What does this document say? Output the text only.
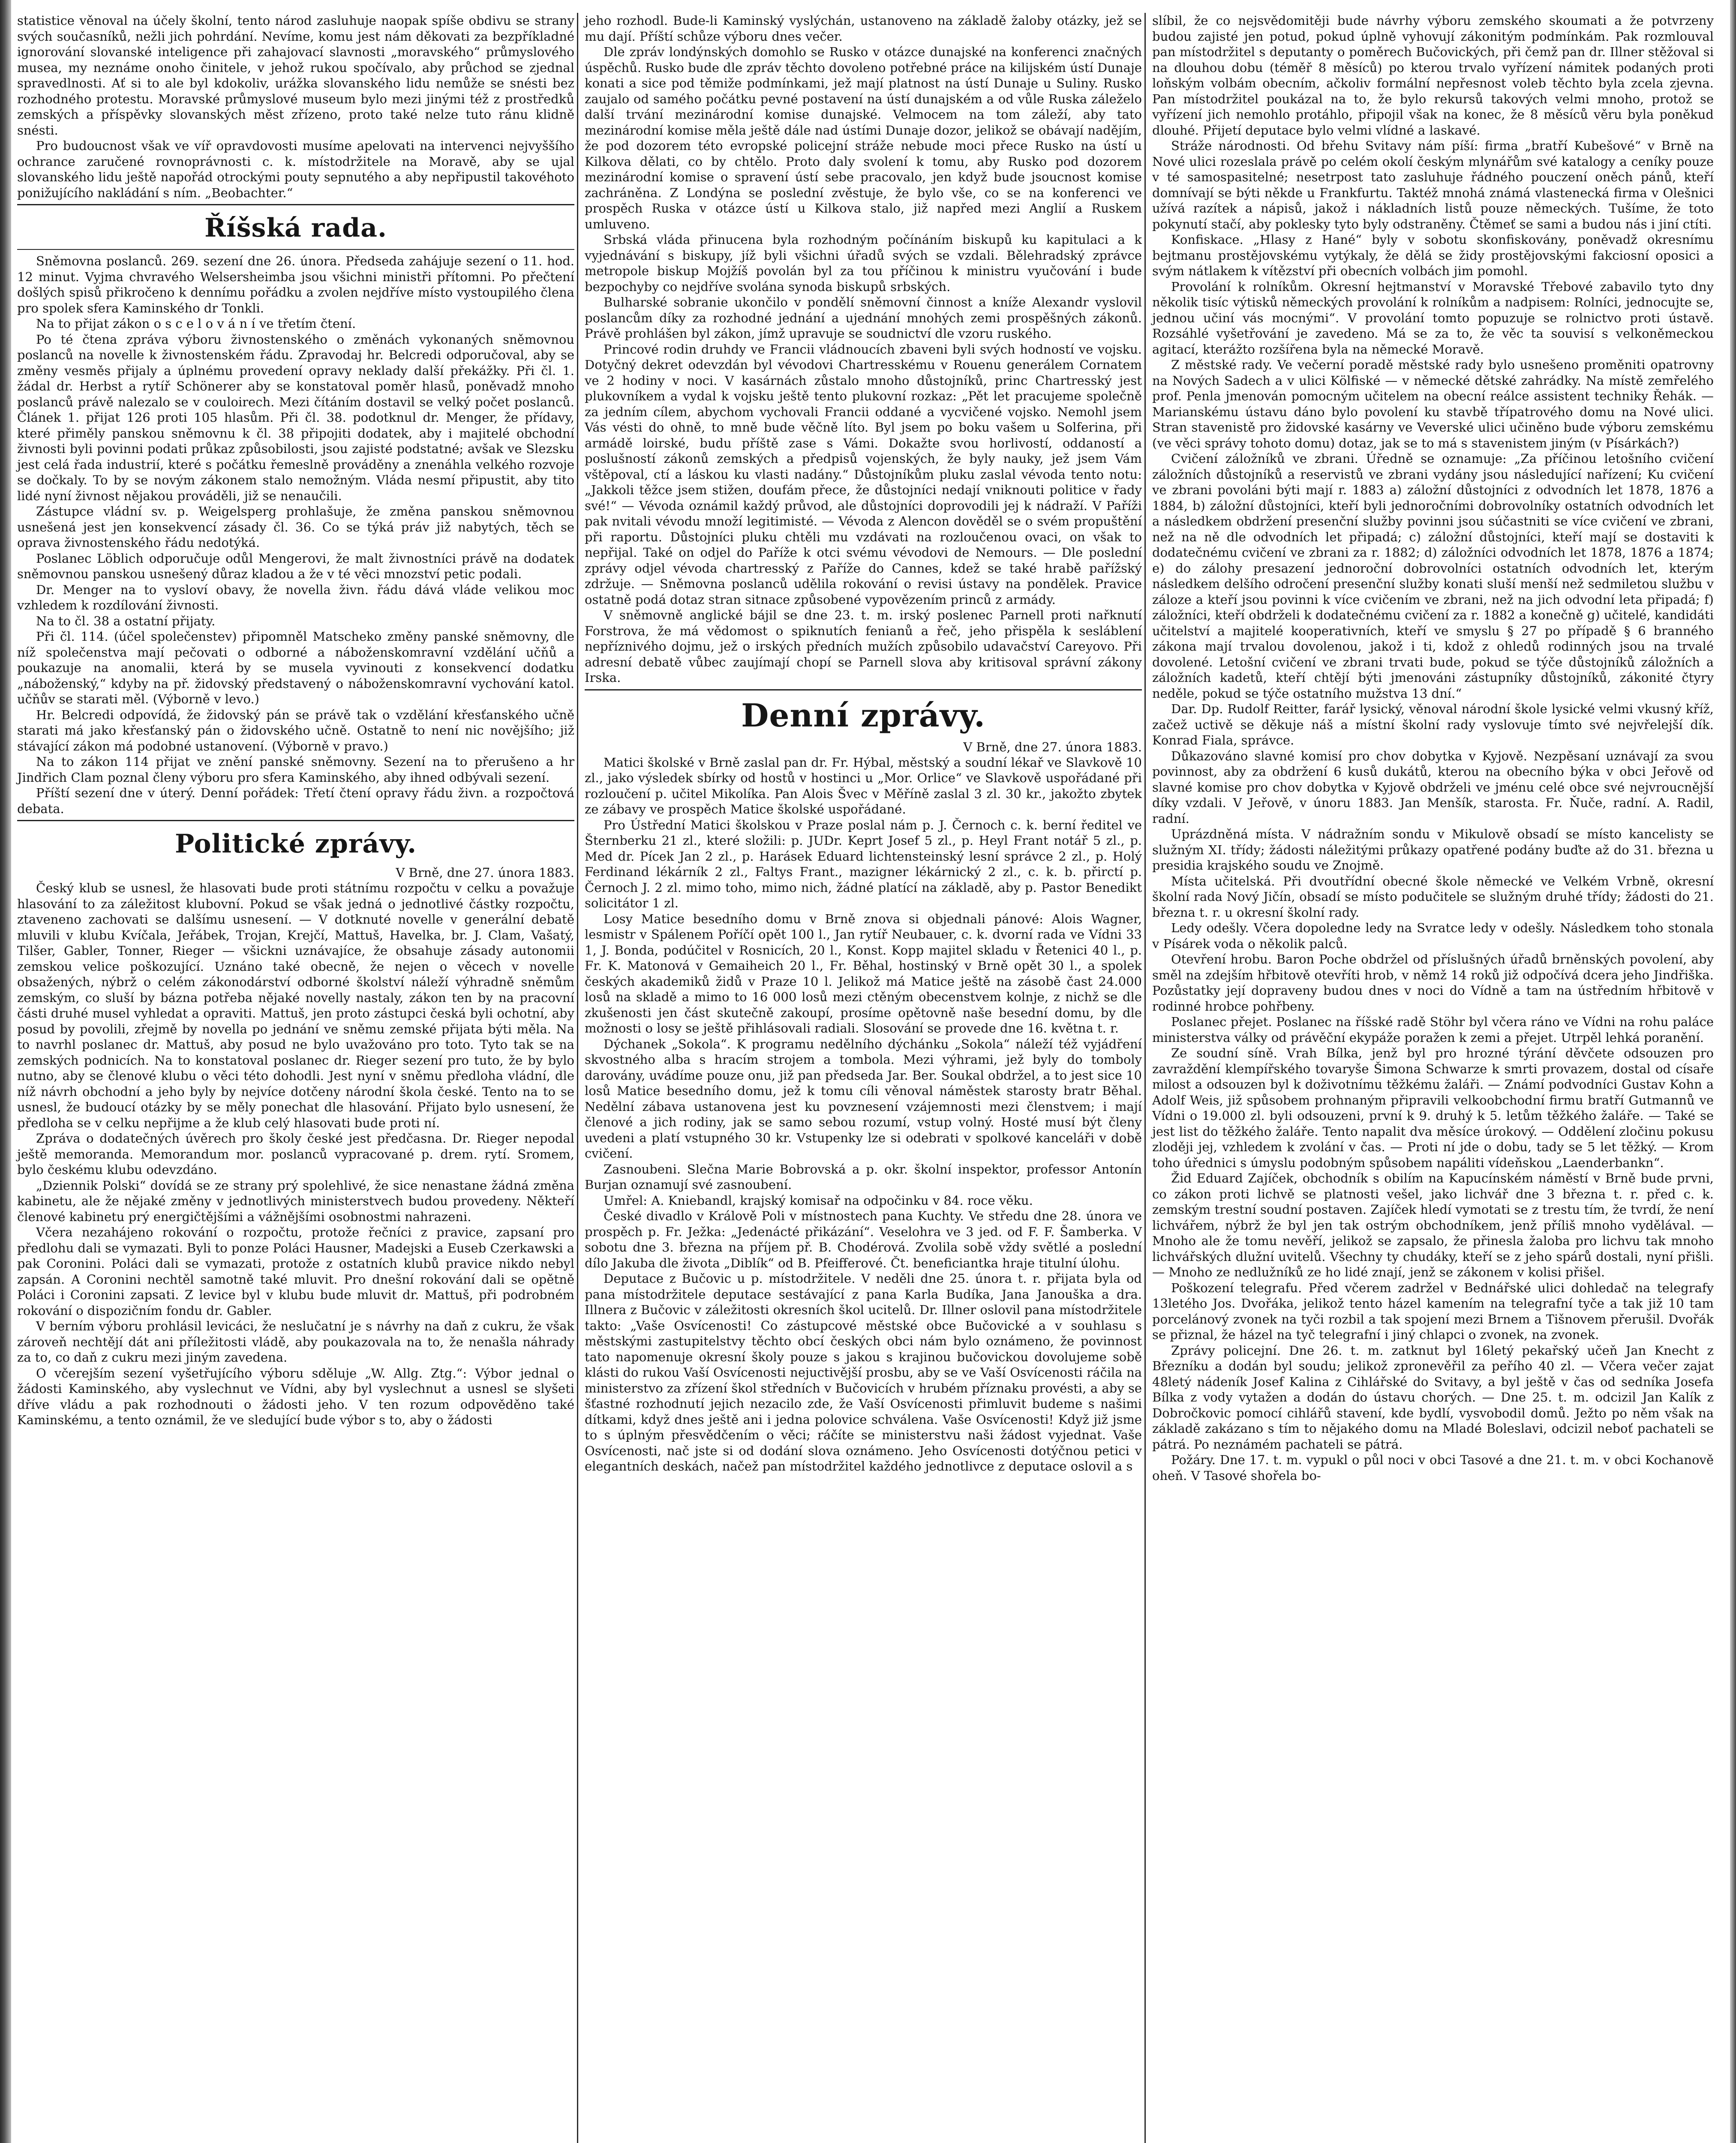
statistice věnoval na účely školní, tento národ zasluhuje naopak spíše obdivu se strany svých současníků, nežli jich pohrdání. Nevíme, komu jest nám děkovati za bezpříkladné ignorování slovanské inteligence při zahajovací slavnosti „moravského“ průmyslového musea, my neznáme onoho činitele, v jehož rukou spočívalo, aby průchod se zjednal spravedlnosti. Ať si to ale byl kdokoliv, urážka slovanského lidu nemůže se snésti bez rozhodného protestu. Moravské průmyslové museum bylo mezi jinými též z prostředků zemských a příspěvky slovanských měst zřízeno, proto také nelze tuto ránu klidně snésti.

Pro budoucnost však ve víř opravdovosti musíme apelovati na intervenci nejvyššího ochrance zaručené rovnoprávnosti c. k. místodržitele na Moravě, aby se ujal slovanského lidu ještě napořád otrockými pouty sepnutého a aby nepřipustil takovéhoto ponižujícího nakládání s ním. „Beobachter.“

Říšská rada.

Sněmovna poslanců. 269. sezení dne 26. února. Předseda zahájuje sezení o 11. hod. 12 minut. Vyjma chvravého Welsersheimba jsou všichni ministři přítomni. Po přečtení došlých spisů přikročeno k dennímu pořádku a zvolen nejdříve místo vystoupilého člena pro spolek sfera Kaminského dr Tonkli.

Na to přijat zákon o s c e l o v á n í ve třetím čtení.

Po té čtena zpráva výboru živnostenského o změnách vykonaných sněmovnou poslanců na novelle k živnostenském řádu. Zpravodaj hr. Belcredi odporučoval, aby se změny vesměs přijaly a úplnému provedení opravy neklady další překážky. Při čl. 1. žádal dr. Herbst a rytíř Schönerer aby se konstatoval poměr hlasů, poněvadž mnoho poslanců právě nalezalo se v couloirech. Mezi čítáním dostavil se velký počet poslanců. Článek 1. přijat 126 proti 105 hlasům. Při čl. 38. podotknul dr. Menger, že přídavy, které přiměly panskou sněmovnu k čl. 38 připojiti dodatek, aby i majitelé obchodní živnosti byli povinni podati průkaz způsobilosti, jsou zajisté podstatné; avšak ve Slezsku jest celá řada industrií, které s počátku řemeslně prováděny a znenáhla velkého rozvoje se dočkaly. To by se novým zákonem stalo nemožným. Vláda nesmí připustit, aby tito lidé nyní živnost nějakou prováděli, již se nenaučili.

Zástupce vládní sv. p. Weigelsperg prohlašuje, že změna panskou sněmovnou usnešená jest jen konsekvencí zásady čl. 36. Co se týká práv již nabytých, těch se oprava živnostenského řádu nedotýká.

Poslanec Löblich odporučuje odůl Mengerovi, že malt živnostníci právě na dodatek sněmovnou panskou usnešený důraz kladou a že v té věci mnozství petic podali.

Dr. Menger na to vysloví obavy, že novella živn. řádu dává vláde velikou moc vzhledem k rozdílování živnosti.

Na to čl. 38 a ostatní přijaty.

Při čl. 114. (účel společenstev) připomněl Matscheko změny panské sněmovny, dle níž společenstva mají pečovati o odborné a náboženskomravní vzdělání učňů a poukazuje na anomalii, která by se musela vyvinouti z konsekvencí dodatku „náboženský,“ kdyby na př. židovský představený o náboženskomravní vychování katol. učňův se starati měl. (Výborně v levo.)

Hr. Belcredi odpovídá, že židovský pán se právě tak o vzdělání křesťanského učně starati má jako křesťanský pán o židovského učně. Ostatně to není nic novějšího; již stávající zákon má podobné ustanovení. (Výborně v pravo.)

Na to zákon 114 přijat ve znění panské sněmovny. Sezení na to přerušeno a hr Jindřich Clam poznal členy výboru pro sfera Kaminského, aby ihned odbývali sezení.

Příští sezení dne v úterý. Denní pořádek: Třetí čtení opravy řádu živn. a rozpočtová debata.

Politické zprávy.

V Brně, dne 27. února 1883.

Český klub se usnesl, že hlasovati bude proti státnímu rozpočtu v celku a považuje hlasování to za záležitost klubovní. Pokud se však jedná o jednotlivé částky rozpočtu, ztaveneno zachovati se dalšímu usnesení. — V dotknuté novelle v generální debatě mluvili v klubu Kvíčala, Jeřábek, Trojan, Krejčí, Mattuš, Havelka, br. J. Clam, Vašatý, Tilšer, Gabler, Tonner, Rieger — všickni uznávajíce, že obsahuje zásady autonomii zemskou velice poškozující. Uznáno také obecně, že nejen o věcech v novelle obsažených, nýbrž o celém zákonodárství odborné školství náleží výhradně sněmům zemským, co sluší by bázna potřeba nějaké novelly nastaly, zákon ten by na pracovní části druhé musel vyhledat a opraviti. Mattuš, jen proto zástupci česká byli ochotní, aby posud by povolili, zřejmě by novella po jednání ve sněmu zemské přijata býti měla. Na to navrhl poslanec dr. Mattuš, aby posud ne bylo uvažováno pro toto. Tyto tak se na zemských podnicích. Na to konstatoval poslanec dr. Rieger sezení pro tuto, že by bylo nutno, aby se členové klubu o věci této dohodli. Jest nyní v sněmu předloha vládní, dle níž návrh obchodní a jeho byly by nejvíce dotčeny národní škola české. Tento na to se usnesl, že budoucí otázky by se měly ponechat dle hlasování. Přijato bylo usnesení, že předloha se v celku nepřijme a že klub celý hlasovati bude proti ní.

Zpráva o dodatečných úvěrech pro školy české jest předčasna. Dr. Rieger nepodal ještě memoranda. Memorandum mor. poslanců vypracované p. drem. rytí. Sromem, bylo českému klubu odevzdáno.

„Dziennik Polski“ dovídá se ze strany prý spolehlivé, že sice nenastane žádná změna kabinetu, ale že nějaké změny v jednotlivých ministerstvech budou provedeny. Někteří členové kabinetu prý energičtějšími a vážnějšími osobnostmi nahrazeni.

Včera nezahájeno rokování o rozpočtu, protože řečníci z pravice, zapsaní pro předlohu dali se vymazati. Byli to ponze Poláci Hausner, Madejski a Euseb Czerkawski a pak Coronini. Poláci dali se vymazati, protože z ostatních klubů pravice nikdo nebyl zapsán. A Coronini nechtěl samotně také mluvit. Pro dnešní rokování dali se opětně Poláci i Coronini zapsati. Z levice byl v klubu bude mluvit dr. Mattuš, při podrobném rokování o dispozičním fondu dr. Gabler.

V berním výboru prohlásil levicáci, že neslučatní je s návrhy na daň z cukru, že však zároveň nechtějí dát ani příležitosti vládě, aby poukazovala na to, že nenašla náhrady za to, co daň z cukru mezi jiným zavedena.

O včerejším sezení vyšetřujícího výboru sděluje „W. Allg. Ztg.“: Výbor jednal o žádosti Kaminského, aby vyslechnut ve Vídni, aby byl vyslechnut a usnesl se slyšeti dříve vládu a pak rozhodnouti o žádosti jeho. V ten rozum odpověděno také Kaminskému, a tento oznámil, že ve sledující bude výbor s to, aby o žádosti

jeho rozhodl. Bude-li Kaminský vyslýchán, ustanoveno na základě žaloby otázky, jež se mu dají. Příští schůze výboru dnes večer.

Dle zpráv londýnských domohlo se Rusko v otázce dunajské na konferenci značných úspěchů. Rusko bude dle zpráv těchto dovoleno potřebné práce na kilijském ústí Dunaje konati a sice pod těmiže podmínkami, jež mají platnost na ústí Dunaje u Suliny. Rusko zaujalo od samého počátku pevné postavení na ústí dunajském a od vůle Ruska záleželo další trvání mezinárodní komise dunajské. Velmocem na tom záleží, aby tato mezinárodní komise měla ještě dále nad ústími Dunaje dozor, jelikož se obávají nadějím, že pod dozorem této evropské policejní stráže nebude moci přece Rusko na ústí u Kilkova dělati, co by chtělo. Proto daly svolení k tomu, aby Rusko pod dozorem mezinárodní komise o spravení ústí sebe pracovalo, jen když bude jsoucnost komise zachráněna. Z Londýna se poslední zvěstuje, že bylo vše, co se na konferenci ve prospěch Ruska v otázce ústí u Kilkova stalo, již napřed mezi Anglií a Ruskem umluveno.

Srbská vláda přinucena byla rozhodným počínáním biskupů ku kapitulaci a k vyjednávání s biskupy, jíž byli všichni úřadů svých se vzdali. Bělehradský zprávce metropole biskup Mojžíš povolán byl za tou příčinou k ministru vyučování i bude bezpochyby co nejdříve svolána synoda biskupů srbských.

Bulharské sobranie ukončilo v pondělí sněmovní činnost a kníže Alexandr vyslovil poslancům díky za rozhodné jednání a ujednání mnohých zemi prospěšných zákonů. Právě prohlášen byl zákon, jímž upravuje se soudnictví dle vzoru ruského.

Princové rodin druhdy ve Francii vládnoucích zbaveni byli svých hodností ve vojsku. Dotyčný dekret odevzdán byl vévodovi Chartresskému v Rouenu generálem Cornatem ve 2 hodiny v noci. V kasárnách zůstalo mnoho důstojníků, princ Chartresský jest plukovníkem a vydal k vojsku ještě tento plukovní rozkaz: „Pět let pracujeme společně za jedním cílem, abychom vychovali Francii oddané a vycvičené vojsko. Nemohl jsem Vás vésti do ohně, to mně bude věčně líto. Byl jsem po boku vašem u Solferina, při armádě loirské, budu příště zase s Vámi. Dokažte svou horlivostí, oddaností a poslušností zákonů zemských a předpisů vojenských, že byly nauky, jež jsem Vám vštěpoval, ctí a láskou ku vlasti nadány.“ Důstojníkům pluku zaslal vévoda tento notu: „Jakkoli těžce jsem stižen, doufám přece, že důstojníci nedají vniknouti politice v řady své!“ — Vévoda oznámil každý průvod, ale důstojníci doprovodili jej k nádraží. V Paříži pak nvitali vévodu množí legitimisté. — Vévoda z Alencon dověděl se o svém propuštění při raportu. Důstojníci pluku chtěli mu vzdávati na rozloučenou ovaci, on však to nepřijal. Také on odjel do Paříže k otci svému vévodovi de Nemours. — Dle poslední zprávy odjel vévoda chartresský z Paříže do Cannes, kdež se také hrabě pařížský zdržuje. — Sněmovna poslanců udělila rokování o revisi ústavy na pondělek. Pravice ostatně podá dotaz stran sitnace způsobené vypovězením princů z armády.

V sněmovně anglické bájil se dne 23. t. m. irský poslenec Parnell proti nařknutí Forstrova, že má vědomost o spiknutích fenianů a řeč, jeho přispěla k sesláblení nepříznivého dojmu, jež o irských předních mužích způsobilo udavačství Careyovo. Při adresní debatě vůbec zaujímají chopí se Parnell slova aby kritisoval správní zákony Irska.

Denní zprávy.

V Brně, dne 27. února 1883.

Matici školské v Brně zaslal pan dr. Fr. Hýbal, městský a soudní lékař ve Slavkově 10 zl., jako výsledek sbírky od hostů v hostinci u „Mor. Orlice“ ve Slavkově uspořádané při rozloučení p. učitel Mikolíka. Pan Alois Švec v Měříně zaslal 3 zl. 30 kr., jakožto zbytek ze zábavy ve prospěch Matice školské uspořádané.

Pro Ústřední Matici školskou v Praze poslal nám p. J. Černoch c. k. berní ředitel ve Šternberku 21 zl., které složili: p. JUDr. Keprt Josef 5 zl., p. Heyl Frant notář 5 zl., p. Med dr. Pícek Jan 2 zl., p. Harásek Eduard lichtensteinský lesní správce 2 zl., p. Holý Ferdinand lékárník 2 zl., Faltys Frant., mazigner lékárnický 2 zl., c. k. b. přirctí p. Černoch J. 2 zl. mimo toho, mimo nich, žádné platící na základě, aby p. Pastor Benedikt solicitátor 1 zl.

Losy Matice besedního domu v Brně znova si objednali pánové: Alois Wagner, lesmistr v Spálenem Poříčí opět 100 l., Jan rytíř Neubauer, c. k. dvorní rada ve Vídni 33 1, J. Bonda, podúčitel v Rosnicích, 20 l., Konst. Kopp majitel skladu v Řetenici 40 l., p. Fr. K. Matonová v Gemaiheich 20 l., Fr. Běhal, hostinský v Brně opět 30 l., a spolek českých akademiků židů v Praze 10 l. Jelikož má Matice ještě na zásobě čast 24.000 losů na skladě a mimo to 16 000 losů mezi ctěným obecenstvem kolnje, z nichž se dle zkušenosti jen část skutečně zakoupí, prosíme opětovně naše besední domu, by dle možnosti o losy se ještě přihlásovali radiali. Slosování se provede dne 16. května t. r.

Dýchanek „Sokola“. K programu nedělního dýchánku „Sokola“ náleží též vyjádření skvostného alba s hracím strojem a tombola. Mezi výhrami, jež byly do tomboly darovány, uvádíme pouze onu, již pan předseda Jar. Ber. Soukal obdržel, a to jest sice 10 losů Matice besedního domu, jež k tomu cíli věnoval náměstek starosty bratr Běhal. Nedělní zábava ustanovena jest ku povznesení vzájemnosti mezi členstvem; i mají členové a jich rodiny, jak se samo sebou rozumí, vstup volný. Hosté musí být členy uvedeni a platí vstupného 30 kr. Vstupenky lze si odebrati v spolkové kanceláři v době cvičení.

Zasnoubeni. Slečna Marie Bobrovská a p. okr. školní inspektor, professor Antonín Burjan oznamují své zasnoubení.

Umřel: A. Kniebandl, krajský komisař na odpočinku v 84. roce věku.

České divadlo v Králově Poli v místnostech pana Kuchty. Ve středu dne 28. února ve prospěch p. Fr. Ježka: „Jedenácté přikázání“. Veselohra ve 3 jed. od F. F. Šamberka. V sobotu dne 3. března na příjem př. B. Chodérová. Zvolila sobě vždy světlé a poslední dílo Jakuba dle života „Diblík“ od B. Pfeifferové. Čt. beneficiantka hraje titulní úlohu.

Deputace z Bučovic u p. místodržitele. V neděli dne 25. února t. r. přijata byla od pana místodržitele deputace sestávající z pana Karla Budíka, Jana Janouška a dra. Illnera z Bučovic v záležitosti okresních škol ucitelů. Dr. Illner oslovil pana místodržitele takto: „Vaše Osvícenosti! Co zástupcové městské obce Bučovické a v souhlasu s městskými zastupitelstvy těchto obcí českých obci nám bylo oznámeno, že povinnost tato napomenuje okresní školy pouze s jakou s krajinou bučovickou dovolujeme sobě klásti do rukou Vaší Osvícenosti nejuctivější prosbu, aby se ve Vaší Osvícenosti ráčila na ministerstvo za zřízení škol středních v Bučovicích v hrubém příznaku provésti, a aby se šťastné rozhodnutí jejich nezacilo zde, že Vaší Osvícenosti přimluvit budeme s našimi dítkami, když dnes ještě ani i jedna polovice schválena. Vaše Osvícenosti! Když již jsme to s úplným přesvědčením o věci; ráčíte se ministerstvu naši žádost vyjednat. Vaše Osvícenosti, nač jste si od dodání slova oznámeno. Jeho Osvícenosti dotýčnou petici v elegantních deskách, načež pan místodržitel každého jednotlivce z deputace oslovil a s

slíbil, že co nejsvědomitěji bude návrhy výboru zemského skoumati a že potvrzeny budou zajisté jen potud, pokud úplně vyhovují zákonitým podmínkám. Pak rozmlouval pan místodržitel s deputanty o poměrech Bučovických, při čemž pan dr. Illner stěžoval si na dlouhou dobu (téměř 8 měsíců) po kterou trvalo vyřízení námitek podaných proti loňským volbám obecním, ačkoliv formální nepřesnost voleb těchto byla zcela zjevna. Pan místodržitel poukázal na to, že bylo rekursů takových velmi mnoho, protož se vyřízení jich nemohlo protáhlo, připojil však na konec, že 8 měsíců věru byla poněkud dlouhé. Přijetí deputace bylo velmi vlídné a laskavé.

Stráže národnosti. Od břehu Svitavy nám píší: firma „bratří Kubešové“ v Brně na Nové ulici rozeslala právě po celém okolí českým mlynářům své katalogy a ceníky pouze v té samospasitelné; nesetrpost tato zasluhuje řádného pouczení oněch pánů, kteří domnívají se býti někde u Frankfurtu. Taktéž mnohá známá vlastenecká firma v Olešnici užívá razítek a nápisů, jakož i nákladních listů pouze německých. Tušíme, že toto pokynutí stačí, aby poklesky tyto byly odstraněny. Čtěmeť se sami a budou nás i jiní ctíti.

Konfiskace. „Hlasy z Hané“ byly v sobotu skonfiskovány, poněvadž okresnímu bejtmanu prostějovskému vytýkaly, že dělá se židy prostějovskými fakciosní oposici a svým nátlakem k vítězství při obecních volbách jim pomohl.

Provolání k rolníkům. Okresní hejtmanství v Moravské Třebové zabavilo tyto dny několik tisíc výtisků německých provolání k rolníkům a nadpisem: Rolníci, jednocujte se, jednou učiní vás mocnými“. V provolání tomto popuzuje se rolnictvo proti ústavě. Rozsáhlé vyšetřování je zavedeno. Má se za to, že věc ta souvisí s velkoněmeckou agitací, kterážto rozšířena byla na německé Moravě.

Z městské rady. Ve večerní poradě městské rady bylo usnešeno proměniti opatrovny na Nových Sadech a v ulici Kölfiské — v německé dětské zahrádky. Na místě zemřelého prof. Penla jmenován pomocným učitelem na obecní reálce assistent techniky Řehák. — Marianskému ústavu dáno bylo povolení ku stavbě třípatrového domu na Nové ulici. Stran stavenistě pro židovské kasárny ve Veverské ulici učiněno bude výboru zemskému (ve věci správy tohoto domu) dotaz, jak se to má s stavenistem jiným (v Písárkách?)

Cvičení záložníků ve zbrani. Úředně se oznamuje: „Za příčinou letošního cvičení záložních důstojníků a reservistů ve zbrani vydány jsou následující nařízení; Ku cvičení ve zbrani povoláni býti mají r. 1883 a) záložní důstojníci z odvodních let 1878, 1876 a 1884, b) záložní důstojníci, kteří byli jednoročními dobrovolníky ostatních odvodních let a následkem obdržení presenční služby povinni jsou súčastniti se více cvičení ve zbrani, než na ně dle odvodních let připadá; c) záložní důstojníci, kteří mají se dostaviti k dodatečnému cvičení ve zbrani za r. 1882; d) záložníci odvodních let 1878, 1876 a 1874; e) do zálohy presazení jednoroční dobrovolníci ostatních odvodních let, kterým následkem delšího odročení presenční služby konati sluší menší než sedmiletou službu v záloze a kteří jsou povinni k více cvičením ve zbrani, než na jich odvodní leta připadá; f) záložníci, kteří obdrželi k dodatečnému cvičení za r. 1882 a konečně g) učitelé, kandidáti učitelství a majitelé kooperativních, kteří ve smyslu § 27 po případě § 6 branného zákona mají trvalou dovolenou, jakož i ti, kdož z ohledů rodinných jsou na trvalé dovolené. Letošní cvičení ve zbrani trvati bude, pokud se týče důstojníků záložních a záložních kadetů, kteří chtějí býti jmenováni zástupníky důstojníků, zákonité čtyry neděle, pokud se týče ostatního mužstva 13 dní.“

Dar. Dp. Rudolf Reitter, farář lysický, věnoval národní škole lysické velmi vkusný kříž, začež uctivě se děkuje náš a místní školní rady vyslovuje tímto své nejvřelejší dík. Konrad Fiala, správce.

Důkazováno slavné komisí pro chov dobytka v Kyjově. Nezpěsaní uznávají za svou povinnost, aby za obdržení 6 kusů dukátů, kterou na obecního býka v obci Jeřově od slavné komise pro chov dobytka v Kyjově obdrželi ve jménu celé obce své nejvroucnější díky vzdali. V Jeřově, v únoru 1883. Jan Menšík, starosta. Fr. Ňuče, radní. A. Radil, radní.

Uprázdněná místa. V nádražním sondu v Mikulově obsadí se místo kancelisty se služným XI. třídy; žádosti náležitými průkazy opatřené podány buďte až do 31. března u presidia krajského soudu ve Znojmě.

Místa učitelská. Při dvoutřídní obecné škole německé ve Velkém Vrbně, okresní školní rada Nový Jičín, obsadí se místo podučitele se služným druhé třídy; žádosti do 21. března t. r. u okresní školní rady.

Ledy odešly. Včera dopoledne ledy na Svratce ledy v odešly. Následkem toho stonala v Písárek voda o několik palců.

Otevření hrobu. Baron Poche obdržel od příslušných úřadů brněnských povolení, aby směl na zdejším hřbitově otevříti hrob, v němž 14 roků již odpočívá dcera jeho Jindřiška. Pozůstatky její dopraveny budou dnes v noci do Vídně a tam na ústředním hřbitově v rodinné hrobce pohřbeny.

Poslanec přejet. Poslanec na říšské radě Stöhr byl včera ráno ve Vídni na rohu paláce ministerstva války od právěční ekypáže poražen k zemi a přejet. Utrpěl lehká poranění.

Ze soudní síně. Vrah Bílka, jenž byl pro hrozné týrání děvčete odsouzen pro zavraždění klempířského tovaryše Šimona Schwarze k smrti provazem, dostal od císaře milost a odsouzen byl k doživotnímu těžkému žaláři. — Známí podvodníci Gustav Kohn a Adolf Weis, již spůsobem prohnaným připravili velkoobchodní firmu bratří Gutmannů ve Vídni o 19.000 zl. byli odsouzeni, první k 9. druhý k 5. letům těžkého žaláře. — Také se jest list do těžkého žaláře. Tento napalit dva měsíce úrokový. — Oddělení zločinu pokusu zloději jej, vzhledem k zvolání v čas. — Proti ní jde o dobu, tady se 5 let těžký. — Krom toho úřednici s úmyslu podobným spůsobem napáliti vídeňskou „Laenderbankn“.

Žid Eduard Zajíček, obchodník s obilím na Kapucínském náměstí v Brně bude prvni, co zákon proti lichvě se platnosti vešel, jako lichvář dne 3 března t. r. před c. k. zemským trestní soudní postaven. Zajíček hledí vymotati se z trestu tím, že tvrdí, že není lichvářem, nýbrž že byl jen tak ostrým obchodníkem, jenž příliš mnoho vydělával. — Mnoho ale že tomu nevěří, jelikož se zapsalo, že přinesla žaloba pro lichvu tak mnoho lichvářských dlužní uvitelů. Všechny ty chudáky, kteří se z jeho spárů dostali, nyní přišli. — Mnoho ze nedlužníků ze ho lidé znají, jenž se zákonem v kolisi přišel.

Poškození telegrafu. Před včerem zadržel v Bednářské ulici dohledač na telegrafy 13letého Jos. Dvořáka, jelikož tento házel kamením na telegrafní tyče a tak již 10 tam porcelánový zvonek na tyči rozbil a tak spojení mezi Brnem a Tišnovem přerušil. Dvořák se přiznal, že házel na tyč telegrafní i jiný chlapci o zvonek, na zvonek.

Zprávy policejní. Dne 26. t. m. zatknut byl 16letý pekařský učeň Jan Knecht z Březníku a dodán byl soudu; jelikož zpronevěřil za peřího 40 zl. — Včera večer zajat 48letý nádeník Josef Kalina z Cihlářské do Svitavy, a byl ještě v čas od sedníka Josefa Bílka z vody vytažen a dodán do ústavu chorých. — Dne 25. t. m. odcizil Jan Kalík z Dobročkovic pomocí cihlářů stavení, kde bydlí, vysvobodil domů. Ježto po něm však na základě zakázano s tím to nějakého domu na Mladé Boleslavi, odcizil neboť pachateli se pátrá. Po neznámém pachateli se pátrá.

Požáry. Dne 17. t. m. vypukl o půl noci v obci Tasové a dne 21. t. m. v obci Kochanově oheň. V Tasové shořela bo-
